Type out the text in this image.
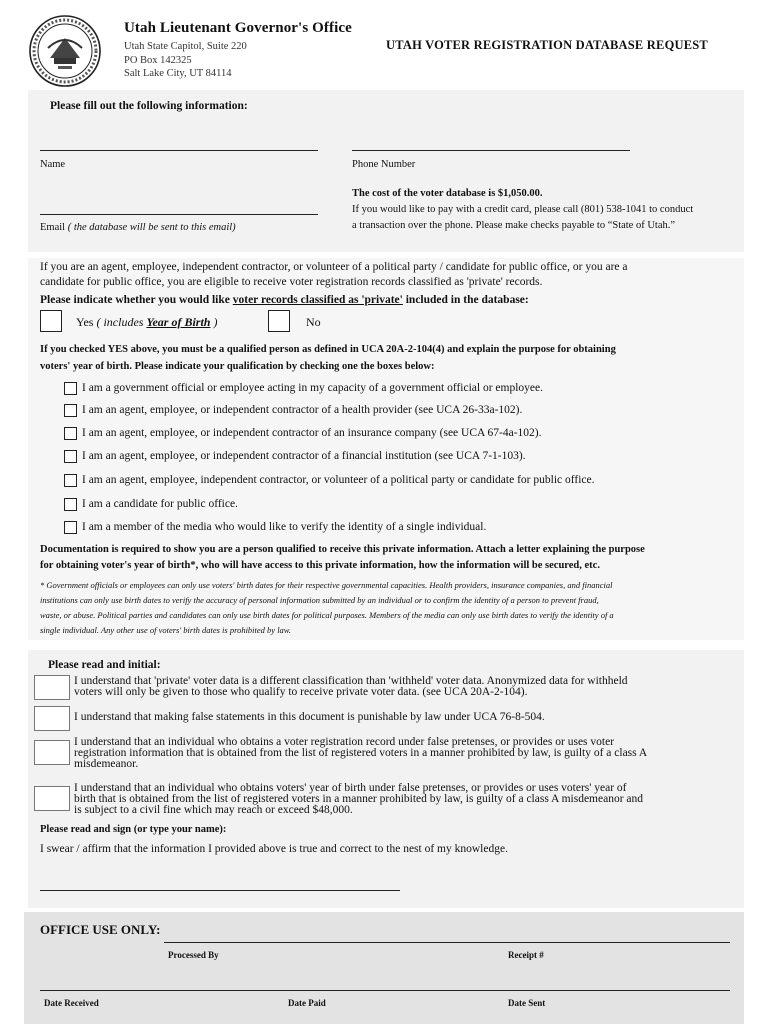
Utah Lieutenant Governor's Office
Utah State Capitol, Suite 220
PO Box 142325
Salt Lake City, UT 84114
UTAH VOTER REGISTRATION DATABASE REQUEST
Please fill out the following information:
Name	Phone Number
The cost of the voter database is $1,050.00.
If you would like to pay with a credit card, please call (801) 538-1041 to conduct
Email ( the database will be sent to this email)	a transaction over the phone. Please make checks payable to “State of Utah.”
If you are an agent, employee, independent contractor, or volunteer of a political party / candidate for public office, or you are a
candidate for public office, you are eligible to receive voter registration records classified as 'private' records.
Please indicate whether you would like voter records classified as 'private' included in the database:
Yes ( includes Year of Birth )	No
If you checked YES above, you must be a qualified person as defined in UCA 20A-2-104(4) and explain the purpose for obtaining
voters' year of birth. Please indicate your qualification by checking one the boxes below:
I am a government official or employee acting in my capacity of a government official or employee.
I am an agent, employee, or independent contractor of a health provider (see UCA 26-33a-102).
I am an agent, employee, or independent contractor of an insurance company (see UCA 67-4a-102).
I am an agent, employee, or independent contractor of a financial institution (see UCA 7-1-103).
I am an agent, employee, independent contractor, or volunteer of a political party or candidate for public office.
I am a candidate for public office.
I am a member of the media who would like to verify the identity of a single individual.
Documentation is required to show you are a person qualified to receive this private information. Attach a letter explaining the purpose
for obtaining voter's year of birth*, who will have access to this private information, how the information will be secured, etc.
* Government officials or employees can only use voters' birth dates for their respective governmental capacities. Health providers, insurance companies, and financial
institutions can only use birth dates to verify the accuracy of personal information submitted by an individual or to confirm the identity of a person to prevent fraud,
waste, or abuse. Political parties and candidates can only use birth dates for political purposes. Members of the media can only use birth dates to verify the identity of a
single individual. Any other use of voters' birth dates is prohibited by law.
Please read and initial:
I understand that 'private' voter data is a different classification than 'withheld' voter data. Anonymized data for withheld
voters will only be given to those who qualify to receive private voter data. (see UCA 20A-2-104).
I understand that making false statements in this document is punishable by law under UCA 76-8-504.
I understand that an individual who obtains a voter registration record under false pretenses, or provides or uses voter
registration information that is obtained from the list of registered voters in a manner prohibited by law, is guilty of a class A
misdemeanor.
I understand that an individual who obtains voters' year of birth under false pretenses, or provides or uses voters' year of
birth that is obtained from the list of registered voters in a manner prohibited by law, is guilty of a class A misdemeanor and
is subject to a civil fine which may reach or exceed $48,000.
Please read and sign (or type your name):
I swear / affirm that the information I provided above is true and correct to the nest of my knowledge.
OFFICE USE ONLY:
Processed By	Receipt #
Date Received	Date Paid	Date Sent
